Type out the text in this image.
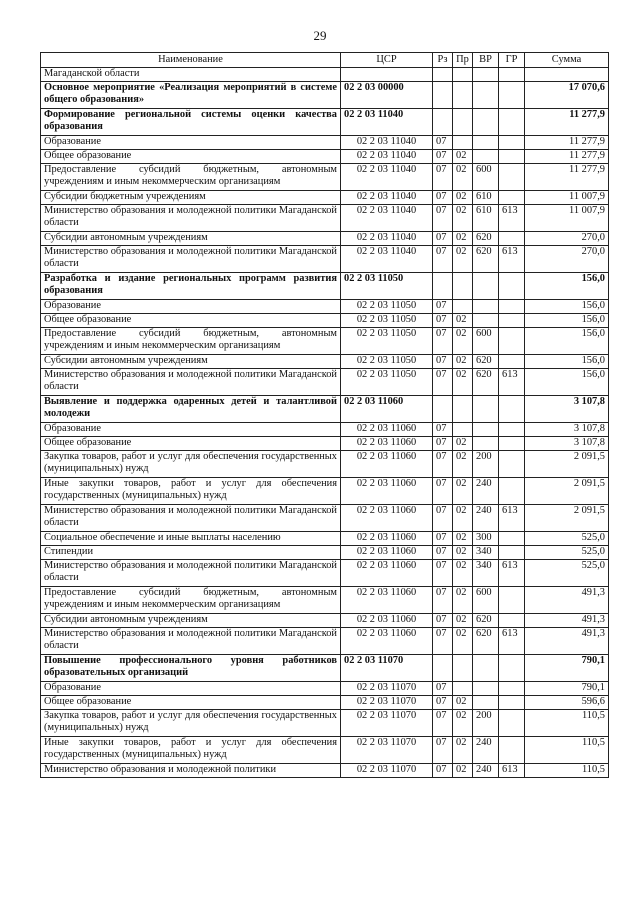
29
Наименование	ЦСР	Рз	Пр	ВР	ГР	Сумма
Магаданской области						
Основное мероприятие «Реализация мероприятий в системе общего образования»	02 2 03 00000					17 070,6
Формирование региональной системы оценки качества образования	02 2 03 11040					11 277,9
Образование	02 2 03 11040	07				11 277,9
Общее образование	02 2 03 11040	07	02			11 277,9
Предоставление субсидий бюджетным, автономным учреждениям и иным некоммерческим организациям	02 2 03 11040	07	02	600		11 277,9
Субсидии бюджетным учреждениям	02 2 03 11040	07	02	610		11 007,9
Министерство образования и молодежной политики Магаданской области	02 2 03 11040	07	02	610	613	11 007,9
Субсидии автономным учреждениям	02 2 03 11040	07	02	620		270,0
Министерство образования и молодежной политики Магаданской области	02 2 03 11040	07	02	620	613	270,0
Разработка и издание региональных программ развития образования	02 2 03 11050					156,0
Образование	02 2 03 11050	07				156,0
Общее образование	02 2 03 11050	07	02			156,0
Предоставление субсидий бюджетным, автономным учреждениям и иным некоммерческим организациям	02 2 03 11050	07	02	600		156,0
Субсидии автономным учреждениям	02 2 03 11050	07	02	620		156,0
Министерство образования и молодежной политики Магаданской области	02 2 03 11050	07	02	620	613	156,0
Выявление и поддержка одаренных детей и талантливой молодежи	02 2 03 11060					3 107,8
Образование	02 2 03 11060	07				3 107,8
Общее образование	02 2 03 11060	07	02			3 107,8
Закупка товаров, работ и услуг для обеспечения государственных (муниципальных) нужд	02 2 03 11060	07	02	200		2 091,5
Иные закупки товаров, работ и услуг для обеспечения государственных (муниципальных) нужд	02 2 03 11060	07	02	240		2 091,5
Министерство образования и молодежной политики Магаданской области	02 2 03 11060	07	02	240	613	2 091,5
Социальное обеспечение и иные выплаты населению	02 2 03 11060	07	02	300		525,0
Стипендии	02 2 03 11060	07	02	340		525,0
Министерство образования и молодежной политики Магаданской области	02 2 03 11060	07	02	340	613	525,0
Предоставление субсидий бюджетным, автономным учреждениям и иным некоммерческим организациям	02 2 03 11060	07	02	600		491,3
Субсидии автономным учреждениям	02 2 03 11060	07	02	620		491,3
Министерство образования и молодежной политики Магаданской области	02 2 03 11060	07	02	620	613	491,3
Повышение профессионального уровня работников образовательных организаций	02 2 03 11070					790,1
Образование	02 2 03 11070	07				790,1
Общее образование	02 2 03 11070	07	02			596,6
Закупка товаров, работ и услуг для обеспечения государственных (муниципальных) нужд	02 2 03 11070	07	02	200		110,5
Иные закупки товаров, работ и услуг для обеспечения государственных (муниципальных) нужд	02 2 03 11070	07	02	240		110,5
Министерство образования и молодежной политики	02 2 03 11070	07	02	240	613	110,5
